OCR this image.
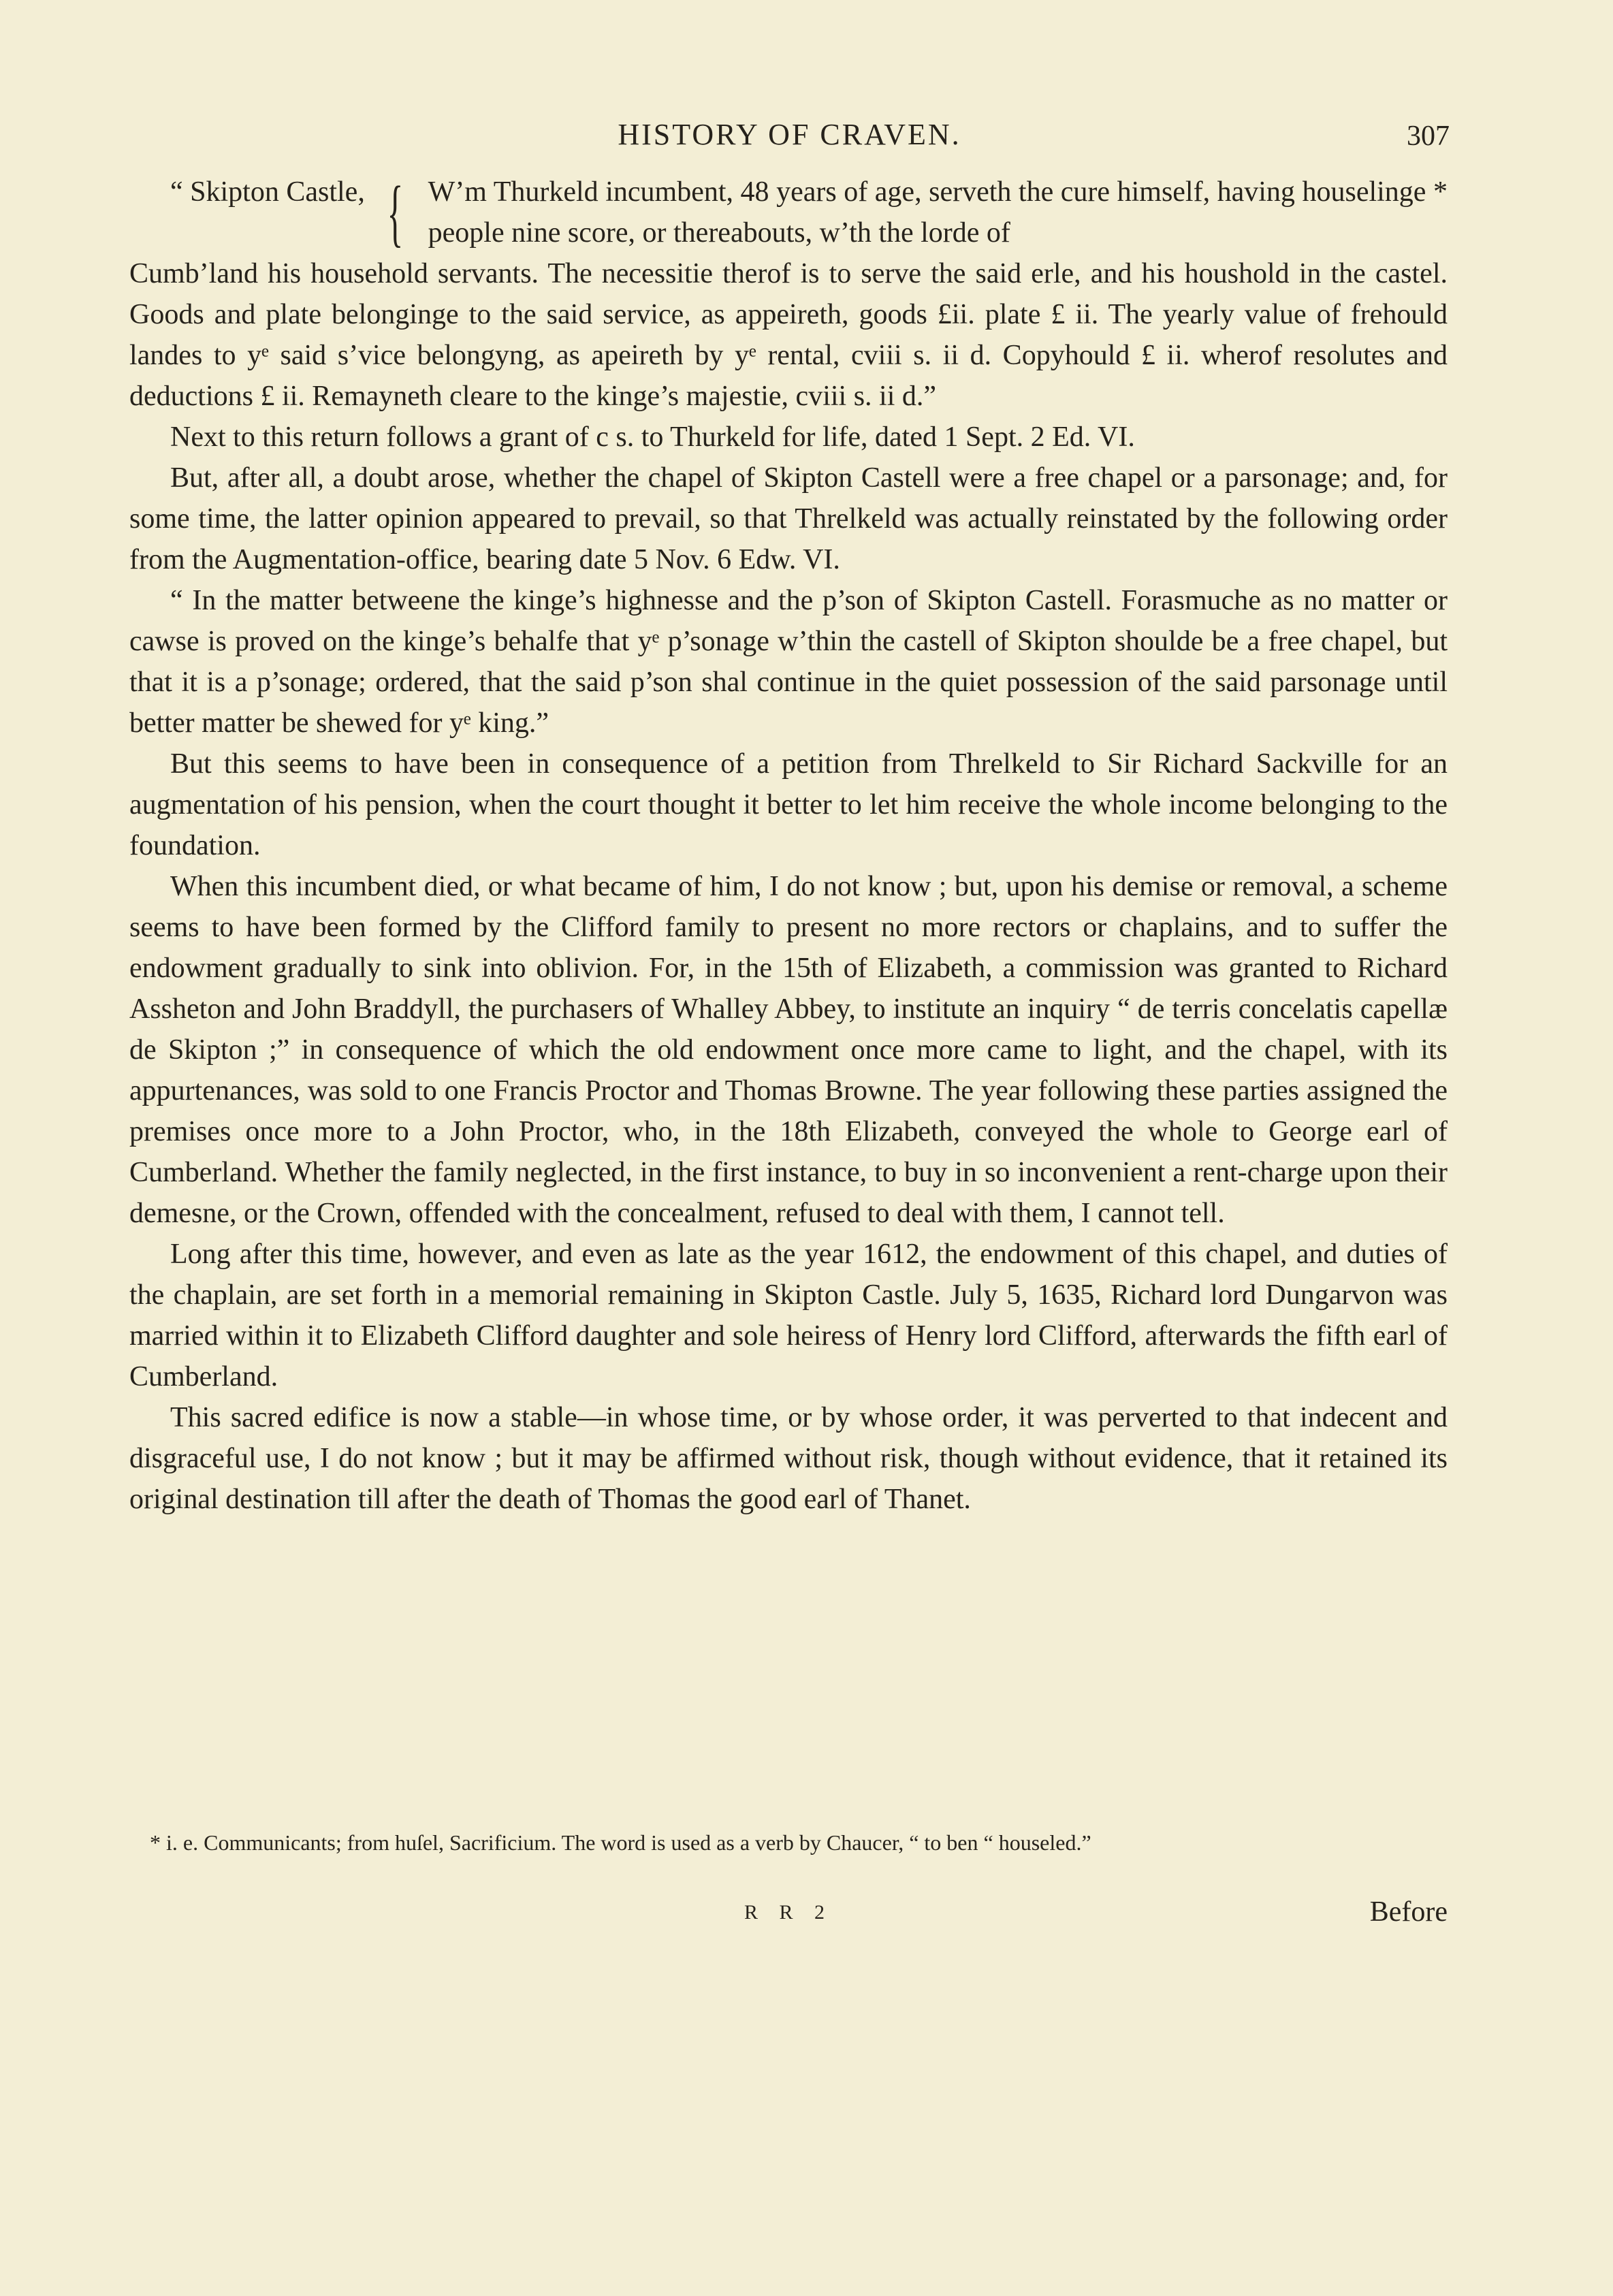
HISTORY OF CRAVEN.	307
“ Skipton Castle, { W’m Thurkeld incumbent, 48 years of age, serveth the cure himself, having houselinge * people nine score, or thereabouts, w’th the lorde of

Cumb’land his household servants. The necessitie therof is to serve the said erle, and his houshold in the castel. Goods and plate belonginge to the said service, as appeireth, goods £ii. plate £ ii. The yearly value of frehould landes to yᵉ said s’vice belongyng, as apeireth by yᵉ rental, cviii s. ii d. Copyhould £ ii. wherof resolutes and deductions £ ii. Remayneth cleare to the kinge’s majestie, cviii s. ii d.”

Next to this return follows a grant of c s. to Thurkeld for life, dated 1 Sept. 2 Ed. VI.

But, after all, a doubt arose, whether the chapel of Skipton Castell were a free chapel or a parsonage; and, for some time, the latter opinion appeared to prevail, so that Threlkeld was actually reinstated by the following order from the Augmentation-office, bearing date 5 Nov. 6 Edw. VI.

“ In the matter betweene the kinge’s highnesse and the p’son of Skipton Castell. Forasmuche as no matter or cawse is proved on the kinge’s behalfe that yᵉ p’sonage w’thin the castell of Skipton shoulde be a free chapel, but that it is a p’sonage; ordered, that the said p’son shal continue in the quiet possession of the said parsonage until better matter be shewed for yᵉ king.”

But this seems to have been in consequence of a petition from Threlkeld to Sir Richard Sackville for an augmentation of his pension, when the court thought it better to let him receive the whole income belonging to the foundation.

When this incumbent died, or what became of him, I do not know ; but, upon his demise or removal, a scheme seems to have been formed by the Clifford family to present no more rectors or chaplains, and to suffer the endowment gradually to sink into oblivion. For, in the 15th of Elizabeth, a commission was granted to Richard Assheton and John Braddyll, the purchasers of Whalley Abbey, to institute an inquiry “ de terris concelatis capellæ de Skipton ;” in consequence of which the old endowment once more came to light, and the chapel, with its appurtenances, was sold to one Francis Proctor and Thomas Browne. The year following these parties assigned the premises once more to a John Proctor, who, in the 18th Elizabeth, conveyed the whole to George earl of Cumberland. Whether the family neglected, in the first instance, to buy in so inconvenient a rent-charge upon their demesne, or the Crown, offended with the concealment, refused to deal with them, I cannot tell.

Long after this time, however, and even as late as the year 1612, the endowment of this chapel, and duties of the chaplain, are set forth in a memorial remaining in Skipton Castle. July 5, 1635, Richard lord Dungarvon was married within it to Elizabeth Clifford daughter and sole heiress of Henry lord Clifford, afterwards the fifth earl of Cumberland.

This sacred edifice is now a stable—in whose time, or by whose order, it was perverted to that indecent and disgraceful use, I do not know ; but it may be affirmed without risk, though without evidence, that it retained its original destination till after the death of Thomas the good earl of Thanet.

* i. e. Communicants; from huſel, Sacrificium. The word is used as a verb by Chaucer, “ to ben “ houseled.”

R R 2	Before
